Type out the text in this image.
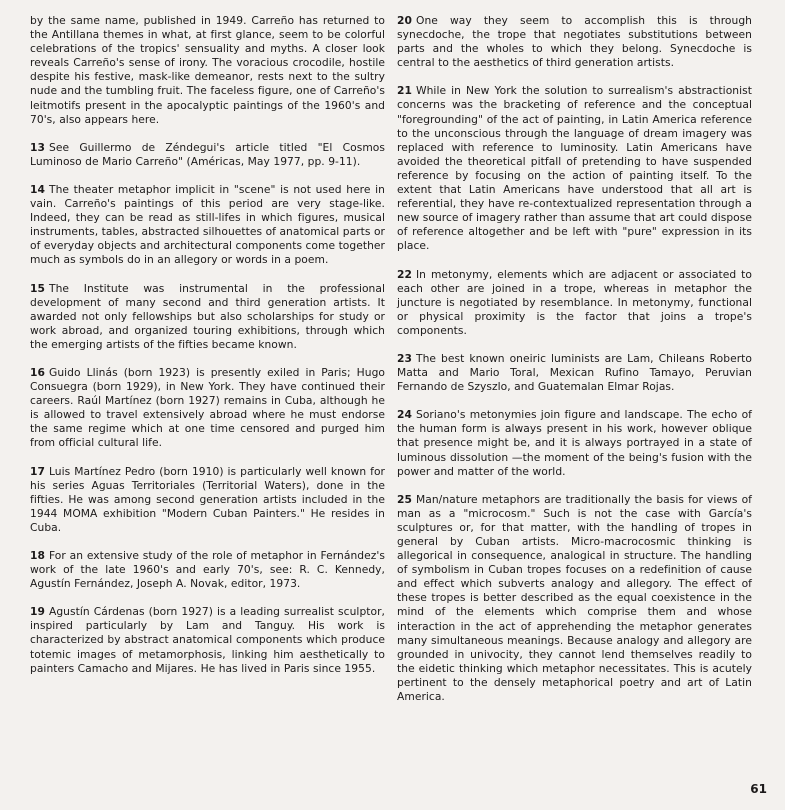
by the same name, published in 1949. Carreño has returned to the Antillana themes in what, at first glance, seem to be colorful celebrations of the tropics' sensuality and myths. A closer look reveals Carreño's sense of irony. The voracious crocodile, hostile despite his festive, mask-like demeanor, rests next to the sultry nude and the tumbling fruit. The faceless figure, one of Carreño's leitmotifs present in the apocalyptic paintings of the 1960's and 70's, also appears here.

13 See Guillermo de Zéndegui's article titled "El Cosmos Luminoso de Mario Carreño" (Américas, May 1977, pp. 9-11).

14 The theater metaphor implicit in "scene" is not used here in vain. Carreño's paintings of this period are very stage-like. Indeed, they can be read as still-lifes in which figures, musical instruments, tables, abstracted silhouettes of anatomical parts or of everyday objects and architectural components come together much as symbols do in an allegory or words in a poem.

15 The Institute was instrumental in the professional development of many second and third generation artists. It awarded not only fellowships but also scholarships for study or work abroad, and organized touring exhibitions, through which the emerging artists of the fifties became known.

16 Guido Llinás (born 1923) is presently exiled in Paris; Hugo Consuegra (born 1929), in New York. They have continued their careers. Raúl Martínez (born 1927) remains in Cuba, although he is allowed to travel extensively abroad where he must endorse the same regime which at one time censored and purged him from official cultural life.

17 Luis Martínez Pedro (born 1910) is particularly well known for his series Aguas Territoriales (Territorial Waters), done in the fifties. He was among second generation artists included in the 1944 MOMA exhibition "Modern Cuban Painters." He resides in Cuba.

18 For an extensive study of the role of metaphor in Fernández's work of the late 1960's and early 70's, see: R. C. Kennedy, Agustín Fernández, Joseph A. Novak, editor, 1973.

19 Agustín Cárdenas (born 1927) is a leading surrealist sculptor, inspired particularly by Lam and Tanguy. His work is characterized by abstract anatomical components which produce totemic images of metamorphosis, linking him aesthetically to painters Camacho and Mijares. He has lived in Paris since 1955.

20 One way they seem to accomplish this is through synecdoche, the trope that negotiates substitutions between parts and the wholes to which they belong. Synecdoche is central to the aesthetics of third generation artists.

21 While in New York the solution to surrealism's abstractionist concerns was the bracketing of reference and the conceptual "foregrounding" of the act of painting, in Latin America reference to the unconscious through the language of dream imagery was replaced with reference to luminosity. Latin Americans have avoided the theoretical pitfall of pretending to have suspended reference by focusing on the action of painting itself. To the extent that Latin Americans have understood that all art is referential, they have re-contextualized representation through a new source of imagery rather than assume that art could dispose of reference altogether and be left with "pure" expression in its place.

22 In metonymy, elements which are adjacent or associated to each other are joined in a trope, whereas in metaphor the juncture is negotiated by resemblance. In metonymy, functional or physical proximity is the factor that joins a trope's components.

23 The best known oneiric luminists are Lam, Chileans Roberto Matta and Mario Toral, Mexican Rufino Tamayo, Peruvian Fernando de Szyszlo, and Guatemalan Elmar Rojas.

24 Soriano's metonymies join figure and landscape. The echo of the human form is always present in his work, however oblique that presence might be, and it is always portrayed in a state of luminous dissolution —the moment of the being's fusion with the power and matter of the world.

25 Man/nature metaphors are traditionally the basis for views of man as a "microcosm." Such is not the case with García's sculptures or, for that matter, with the handling of tropes in general by Cuban artists. Micro-macrocosmic thinking is allegorical in consequence, analogical in structure. The handling of symbolism in Cuban tropes focuses on a redefinition of cause and effect which subverts analogy and allegory. The effect of these tropes is better described as the equal coexistence in the mind of the elements which comprise them and whose interaction in the act of apprehending the metaphor generates many simultaneous meanings. Because analogy and allegory are grounded in univocity, they cannot lend themselves readily to the eidetic thinking which metaphor necessitates. This is acutely pertinent to the densely metaphorical poetry and art of Latin America.

61
